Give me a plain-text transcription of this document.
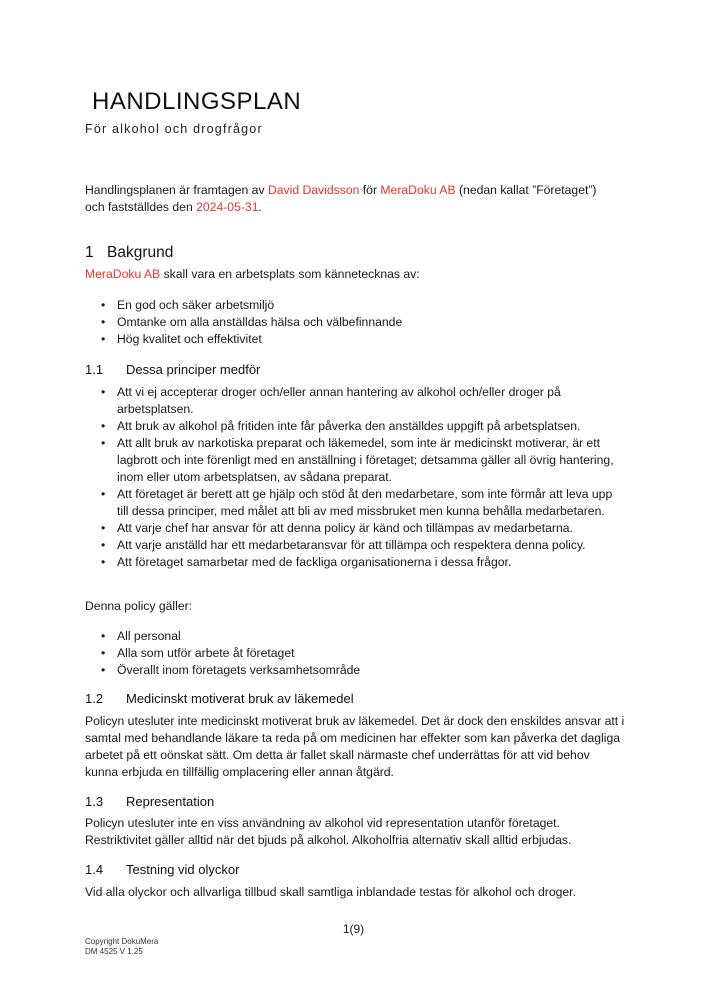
HANDLINGSPLAN
För alkohol och drogfrågor
Handlingsplanen är framtagen av David Davidsson för MeraDoku AB (nedan kallat ”Företaget”)
och fastställdes den 2024-05-31.
1 Bakgrund
MeraDoku AB skall vara en arbetsplats som kännetecknas av:
• En god och säker arbetsmiljö
• Omtanke om alla anställdas hälsa och välbefinnande
• Hög kvalitet och effektivitet
1.1 Dessa principer medför
• Att vi ej accepterar droger och/eller annan hantering av alkohol och/eller droger på arbetsplatsen.
• Att bruk av alkohol på fritiden inte får påverka den anställdes uppgift på arbetsplatsen.
• Att allt bruk av narkotiska preparat och läkemedel, som inte är medicinskt motiverar, är ett lagbrott och inte förenligt med en anställning i företaget; detsamma gäller all övrig hantering, inom eller utom arbetsplatsen, av sådana preparat.
• Att företaget är berett att ge hjälp och stöd åt den medarbetare, som inte förmår att leva upp till dessa principer, med målet att bli av med missbruket men kunna behålla medarbetaren.
• Att varje chef har ansvar för att denna policy är känd och tillämpas av medarbetarna.
• Att varje anställd har ett medarbetaransvar för att tillämpa och respektera denna policy.
• Att företaget samarbetar med de fackliga organisationerna i dessa frågor.
Denna policy gäller:
• All personal
• Alla som utför arbete åt företaget
• Överallt inom företagets verksamhetsområde
1.2 Medicinskt motiverat bruk av läkemedel
Policyn utesluter inte medicinskt motiverat bruk av läkemedel. Det är dock den enskildes ansvar att i samtal med behandlande läkare ta reda på om medicinen har effekter som kan påverka det dagliga arbetet på ett oönskat sätt. Om detta är fallet skall närmaste chef underrättas för att vid behov kunna erbjuda en tillfällig omplacering eller annan åtgärd.
1.3 Representation
Policyn utesluter inte en viss användning av alkohol vid representation utanför företaget. Restriktivitet gäller alltid när det bjuds på alkohol. Alkoholfria alternativ skall alltid erbjudas.
1.4 Testning vid olyckor
Vid alla olyckor och allvarliga tillbud skall samtliga inblandade testas för alkohol och droger.
1(9)
Copyright DokuMera
DM 4525 V 1.25
